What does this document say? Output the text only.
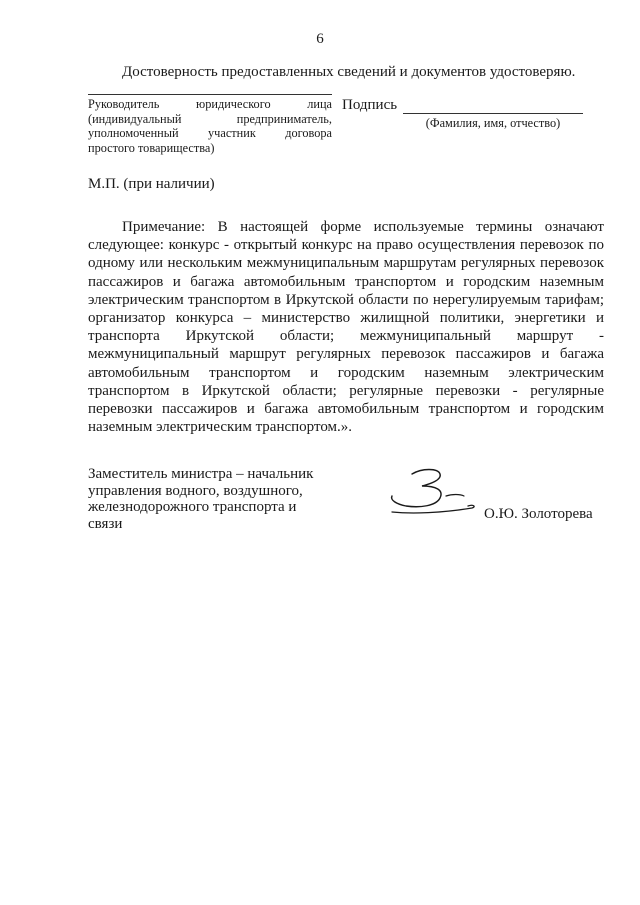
6
Достоверность предоставленных сведений и документов удостоверяю.
Руководитель юридического лица
(индивидуальный предприниматель,
уполномоченный участник договора
простого товарищества)
Подпись
(Фамилия, имя, отчество)
М.П. (при наличии)
Примечание: В настоящей форме используемые термины означают
следующее: конкурс - открытый конкурс на право осуществления перевозок по
одному или нескольким межмуниципальным маршрутам регулярных перевозок
пассажиров и багажа автомобильным транспортом и городским наземным
электрическим транспортом в Иркутской области по нерегулируемым тарифам;
организатор конкурса – министерство жилищной политики, энергетики и
транспорта Иркутской области; межмуниципальный маршрут -
межмуниципальный маршрут регулярных перевозок пассажиров и багажа
автомобильным транспортом и городским наземным электрическим
транспортом в Иркутской области; регулярные перевозки - регулярные
перевозки пассажиров и багажа автомобильным транспортом и городским
наземным электрическим транспортом.».
Заместитель министра – начальник
управления водного, воздушного,
железнодорожного транспорта и
связи
О.Ю. Золоторева
